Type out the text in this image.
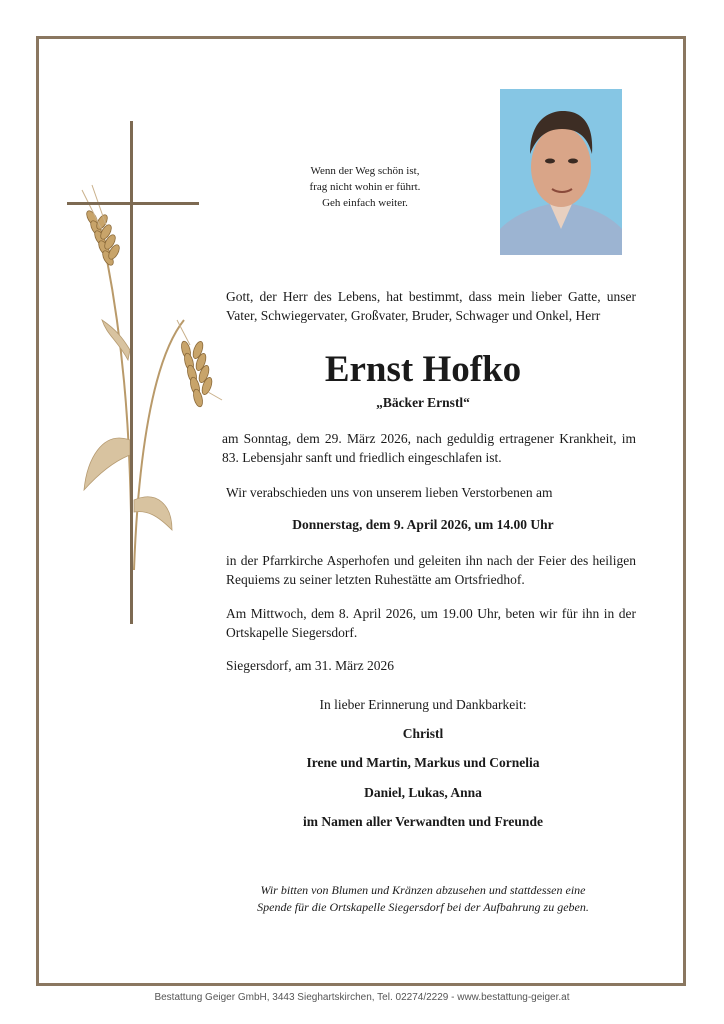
Wenn der Weg schön ist,
frag nicht wohin er führt.
Geh einfach weiter.
Gott, der Herr des Lebens, hat bestimmt, dass mein lieber Gatte, unser Vater, Schwiegervater, Großvater, Bruder, Schwager und Onkel, Herr
Ernst Hofko
„Bäcker Ernstl“
am Sonntag, dem 29. März 2026, nach geduldig ertragener Krankheit, im 83. Lebensjahr sanft und friedlich eingeschlafen ist.
Wir verabschieden uns von unserem lieben Verstorbenen am
Donnerstag, dem 9. April 2026, um 14.00 Uhr
in der Pfarrkirche Asperhofen und geleiten ihn nach der Feier des heiligen Requiems zu seiner letzten Ruhestätte am Ortsfriedhof.
Am Mittwoch, dem 8. April 2026, um 19.00 Uhr, beten wir für ihn in der Ortskapelle Siegersdorf.
Siegersdorf, am 31. März 2026
In lieber Erinnerung und Dankbarkeit:
Christl
Irene und Martin, Markus und Cornelia
Daniel, Lukas, Anna
im Namen aller Verwandten und Freunde
Wir bitten von Blumen und Kränzen abzusehen und stattdessen eine
Spende für die Ortskapelle Siegersdorf bei der Aufbahrung zu geben.
Bestattung Geiger GmbH, 3443 Sieghartskirchen, Tel. 02274/2229 - www.bestattung-geiger.at
